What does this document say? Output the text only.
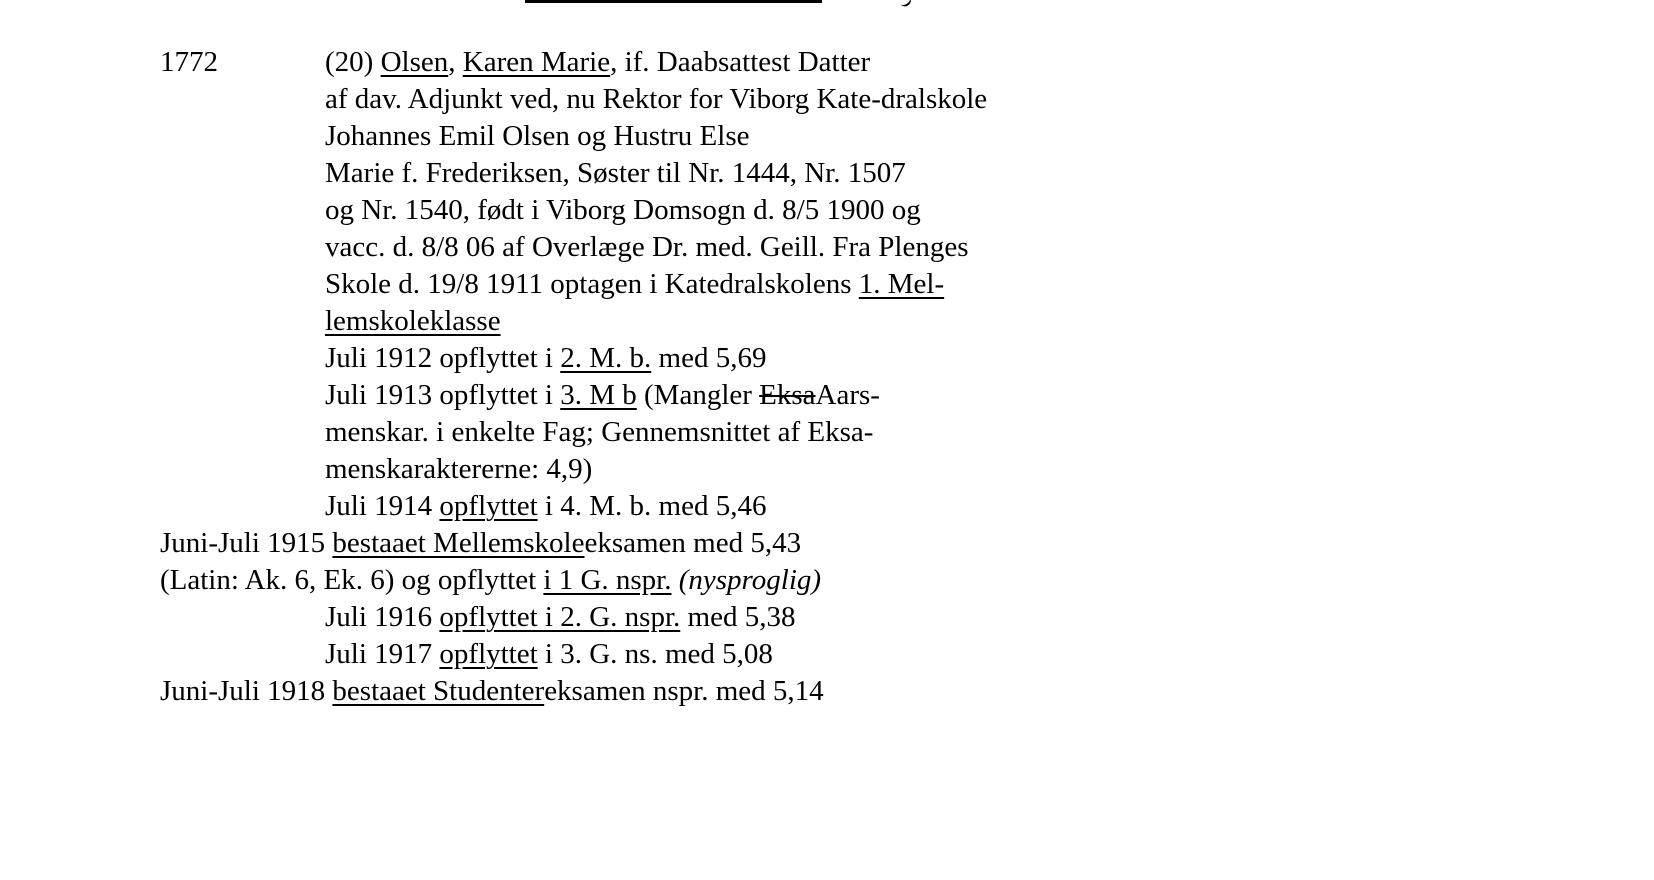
1772	(20) Olsen, Karen Marie, if. Daabsattest Datter
af dav. Adjunkt ved, nu Rektor for Viborg Kate-dralskole
Johannes Emil Olsen og Hustru Else
Marie f. Frederiksen, Søster til Nr. 1444, Nr. 1507
og Nr. 1540, født i Viborg Domsogn d. 8/5 1900 og
vacc. d. 8/8 06 af Overlæge Dr. med. Geill. Fra Plenges
Skole d. 19/8 1911 optagen i Katedralskolens 1. Mel-
lemskoleklasse
Juli 1912 opflyttet i 2. M. b. med 5,69
Juli 1913 opflyttet i 3. M b (Mangler EksaAars-
menskar. i enkelte Fag; Gennemsnittet af Eksa-
menskaraktererne: 4,9)
Juli 1914 opflyttet i 4. M. b. med 5,46
Juni-Juli 1915 bestaaet Mellemskoleeksamen med 5,43
(Latin: Ak. 6, Ek. 6) og opflyttet i 1 G. nspr. (nysproglig)
Juli 1916 opflyttet i 2. G. nspr. med 5,38
Juli 1917 opflyttet i 3. G. ns. med 5,08
Juni-Juli 1918 bestaaet Studentereksamen nspr. med 5,14
